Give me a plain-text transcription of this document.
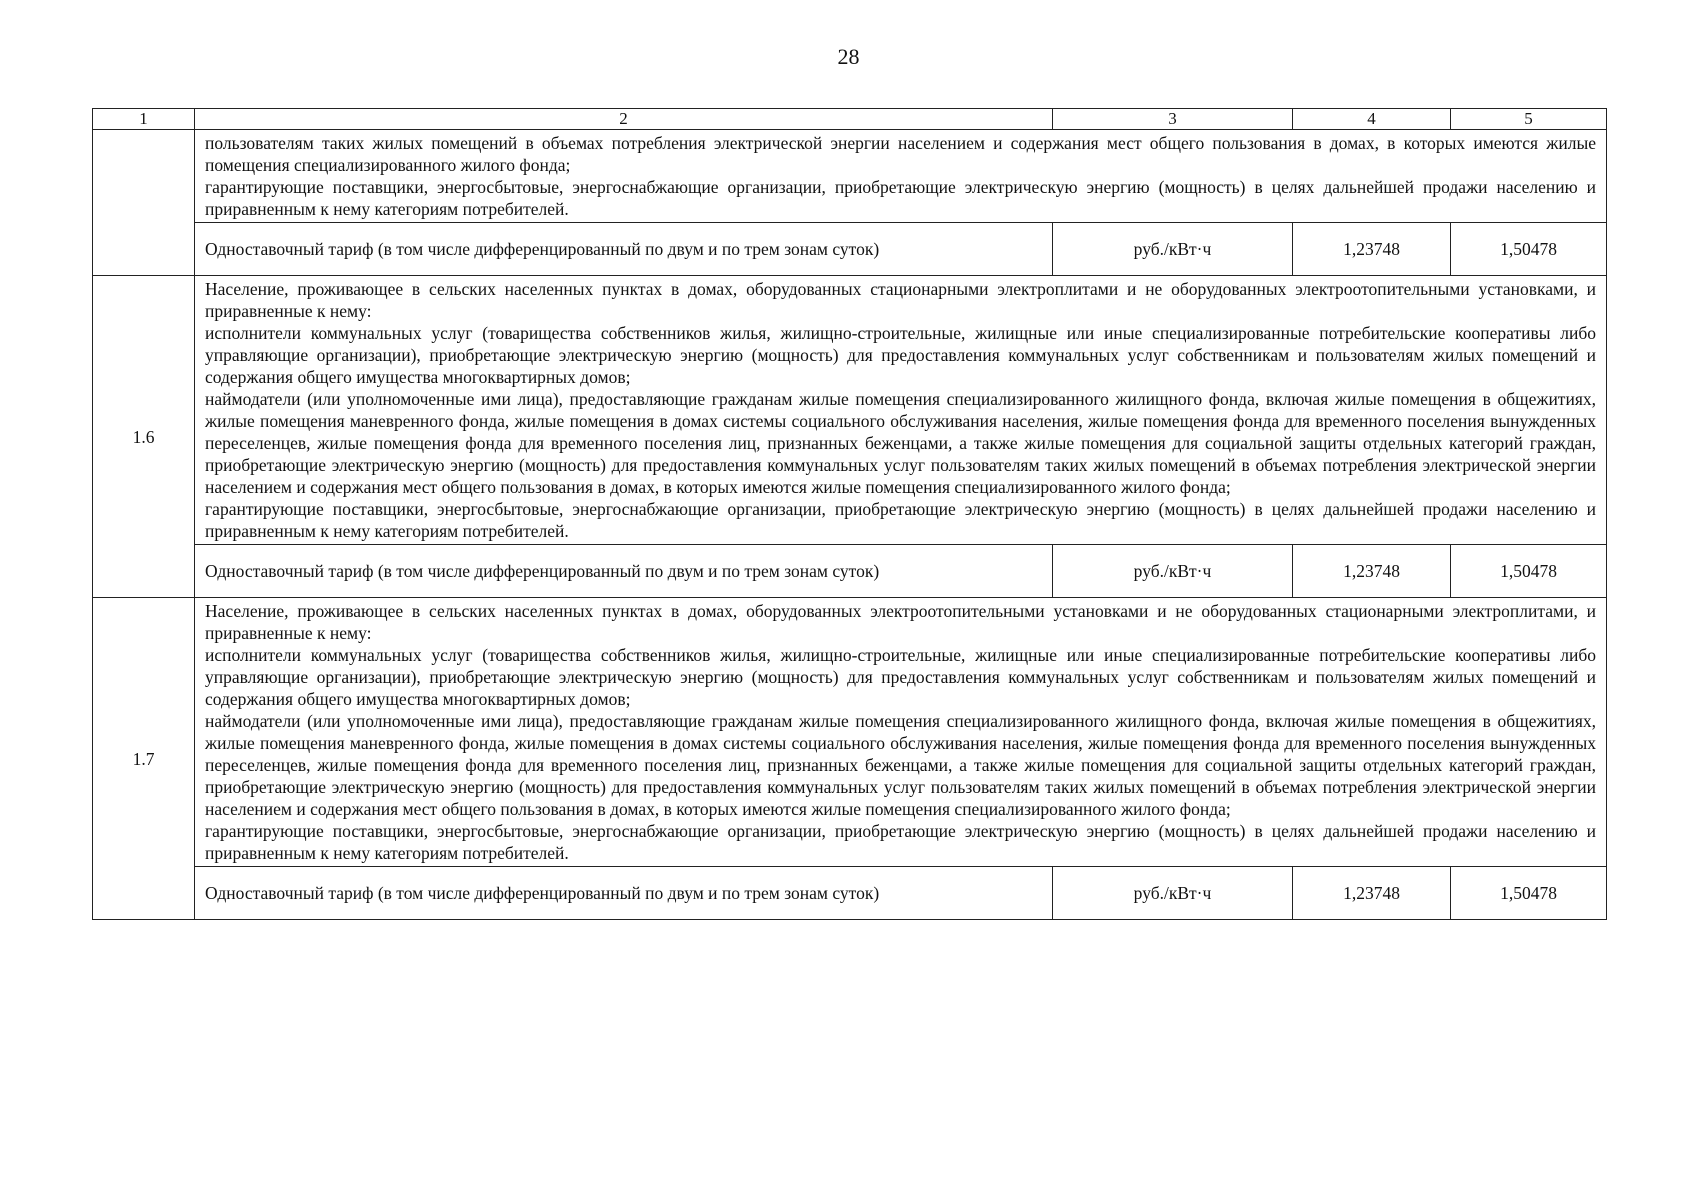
28
1	2	3	4	5

	пользователям таких жилых помещений в объемах потребления электрической энергии населением и содержания мест общего пользования в домах, в которых имеются жилые помещения специализированного жилого фонда;

гарантирующие поставщики, энергосбытовые, энергоснабжающие организации, приобретающие электрическую энергию (мощность) в целях дальнейшей продажи населению и приравненным к нему категориям потребителей.			

	Одноставочный тариф (в том числе дифференцированный по двум и по трем зонам суток)	руб./кВт·ч	1,23748	1,50478
1.6	Население, проживающее в сельских населенных пунктах в домах, оборудованных стационарными электроплитами и не оборудованных электроотопительными установками, и приравненные к нему:

исполнители коммунальных услуг (товарищества собственников жилья, жилищно-строительные, жилищные или иные специализированные потребительские кооперативы либо управляющие организации), приобретающие электрическую энергию (мощность) для предоставления коммунальных услуг собственникам и пользователям жилых помещений и содержания общего имущества многоквартирных домов;

наймодатели (или уполномоченные ими лица), предоставляющие гражданам жилые помещения специализированного жилищного фонда, включая жилые помещения в общежитиях, жилые помещения маневренного фонда, жилые помещения в домах системы социального обслуживания населения, жилые помещения фонда для временного поселения вынужденных переселенцев, жилые помещения фонда для временного поселения лиц, признанных беженцами, а также жилые помещения для социальной защиты отдельных категорий граждан, приобретающие электрическую энергию (мощность) для предоставления коммунальных услуг пользователям таких жилых помещений в объемах потребления электрической энергии населением и содержания мест общего пользования в домах, в которых имеются жилые помещения специализированного жилого фонда;

гарантирующие поставщики, энергосбытовые, энергоснабжающие организации, приобретающие электрическую энергию (мощность) в целях дальнейшей продажи населению и приравненным к нему категориям потребителей.			

	Одноставочный тариф (в том числе дифференцированный по двум и по трем зонам суток)	руб./кВт·ч	1,23748	1,50478
1.7	Население, проживающее в сельских населенных пунктах в домах, оборудованных электроотопительными установками и не оборудованных стационарными электроплитами, и приравненные к нему:

исполнители коммунальных услуг (товарищества собственников жилья, жилищно-строительные, жилищные или иные специализированные потребительские кооперативы либо управляющие организации), приобретающие электрическую энергию (мощность) для предоставления коммунальных услуг собственникам и пользователям жилых помещений и содержания общего имущества многоквартирных домов;

наймодатели (или уполномоченные ими лица), предоставляющие гражданам жилые помещения специализированного жилищного фонда, включая жилые помещения в общежитиях, жилые помещения маневренного фонда, жилые помещения в домах системы социального обслуживания населения, жилые помещения фонда для временного поселения вынужденных переселенцев, жилые помещения фонда для временного поселения лиц, признанных беженцами, а также жилые помещения для социальной защиты отдельных категорий граждан, приобретающие электрическую энергию (мощность) для предоставления коммунальных услуг пользователям таких жилых помещений в объемах потребления электрической энергии населением и содержания мест общего пользования в домах, в которых имеются жилые помещения специализированного жилого фонда;

гарантирующие поставщики, энергосбытовые, энергоснабжающие организации, приобретающие электрическую энергию (мощность) в целях дальнейшей продажи населению и приравненным к нему категориям потребителей.			

	Одноставочный тариф (в том числе дифференцированный по двум и по трем зонам суток)	руб./кВт·ч	1,23748	1,50478
